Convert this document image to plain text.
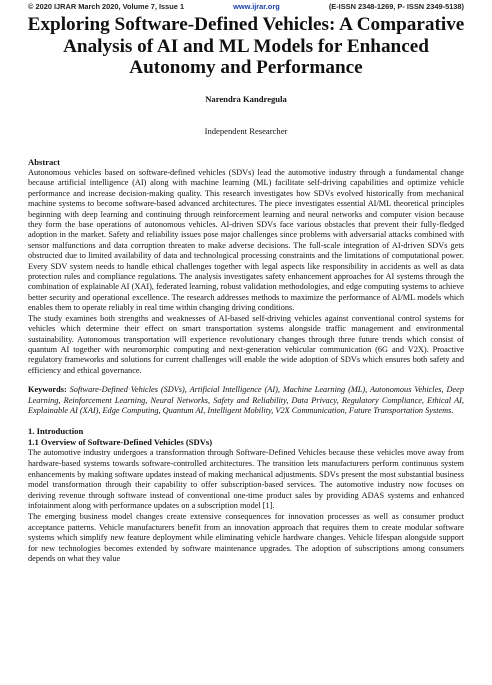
© 2020 IJRAR March 2020, Volume 7, Issue 1	www.ijrar.org	(E-ISSN 2348-1269, P- ISSN 2349-5138)
Exploring Software-Defined Vehicles: A Comparative Analysis of AI and ML Models for Enhanced Autonomy and Performance
Narendra Kandregula
Independent Researcher

Abstract

Autonomous vehicles based on software-defined vehicles (SDVs) lead the automotive industry through a fundamental change because artificial intelligence (AI) along with machine learning (ML) facilitate self-driving capabilities and optimize vehicle performance and increase decision-making quality. This research investigates how SDVs evolved historically from mechanical machine systems to become software-based advanced architectures. The piece investigates essential AI/ML theoretical principles beginning with deep learning and continuing through reinforcement learning and neural networks and computer vision because they form the base operations of autonomous vehicles. AI-driven SDVs face various obstacles that prevent their fully-fledged adoption in the market. Safety and reliability issues pose major challenges since problems with adversarial attacks combined with sensor malfunctions and data corruption threaten to make adverse decisions. The full-scale integration of AI-driven SDVs gets obstructed due to limited availability of data and technological processing constraints and the limitations of computational power. Every SDV system needs to handle ethical challenges together with legal aspects like responsibility in accidents as well as data protection rules and compliance regulations. The analysis investigates safety enhancement approaches for AI systems through the combination of explainable AI (XAI), federated learning, robust validation methodologies, and edge computing systems to achieve better security and operational excellence. The research addresses methods to maximize the performance of AI/ML models which enables them to operate reliably in real time within changing driving conditions.

The study examines both strengths and weaknesses of AI-based self-driving vehicles against conventional control systems for vehicles which determine their effect on smart transportation systems alongside traffic management and environmental sustainability. Autonomous transportation will experience revolutionary changes through three future trends which consist of quantum AI together with neuromorphic computing and next-generation vehicular communication (6G and V2X). Proactive regulatory frameworks and solutions for current challenges will enable the wide adoption of SDVs which ensures both safety and efficiency and ethical governance.

Keywords: Software-Defined Vehicles (SDVs), Artificial Intelligence (AI), Machine Learning (ML), Autonomous Vehicles, Deep Learning, Reinforcement Learning, Neural Networks, Safety and Reliability, Data Privacy, Regulatory Compliance, Ethical AI, Explainable AI (XAI), Edge Computing, Quantum AI, Intelligent Mobility, V2X Communication, Future Transportation Systems.

1. Introduction

1.1 Overview of Software-Defined Vehicles (SDVs)

The automotive industry undergoes a transformation through Software-Defined Vehicles because these vehicles move away from hardware-based systems towards software-controlled architectures. The transition lets manufacturers perform continuous system enhancements by making software updates instead of making mechanical adjustments. SDVs present the most substantial business model transformation through their capability to offer subscription-based services. The automotive industry now focuses on deriving revenue through software instead of conventional one-time product sales by providing ADAS systems and enhanced infotainment along with performance updates on a subscription model [1].

The emerging business model changes create extensive consequences for innovation processes as well as consumer product acceptance patterns. Vehicle manufacturers benefit from an innovation approach that requires them to create modular software systems which simplify new feature deployment while eliminating vehicle hardware changes. Vehicle lifespan alongside support for new technologies becomes extended by software maintenance upgrades. The adoption of subscriptions among consumers depends on what they value
